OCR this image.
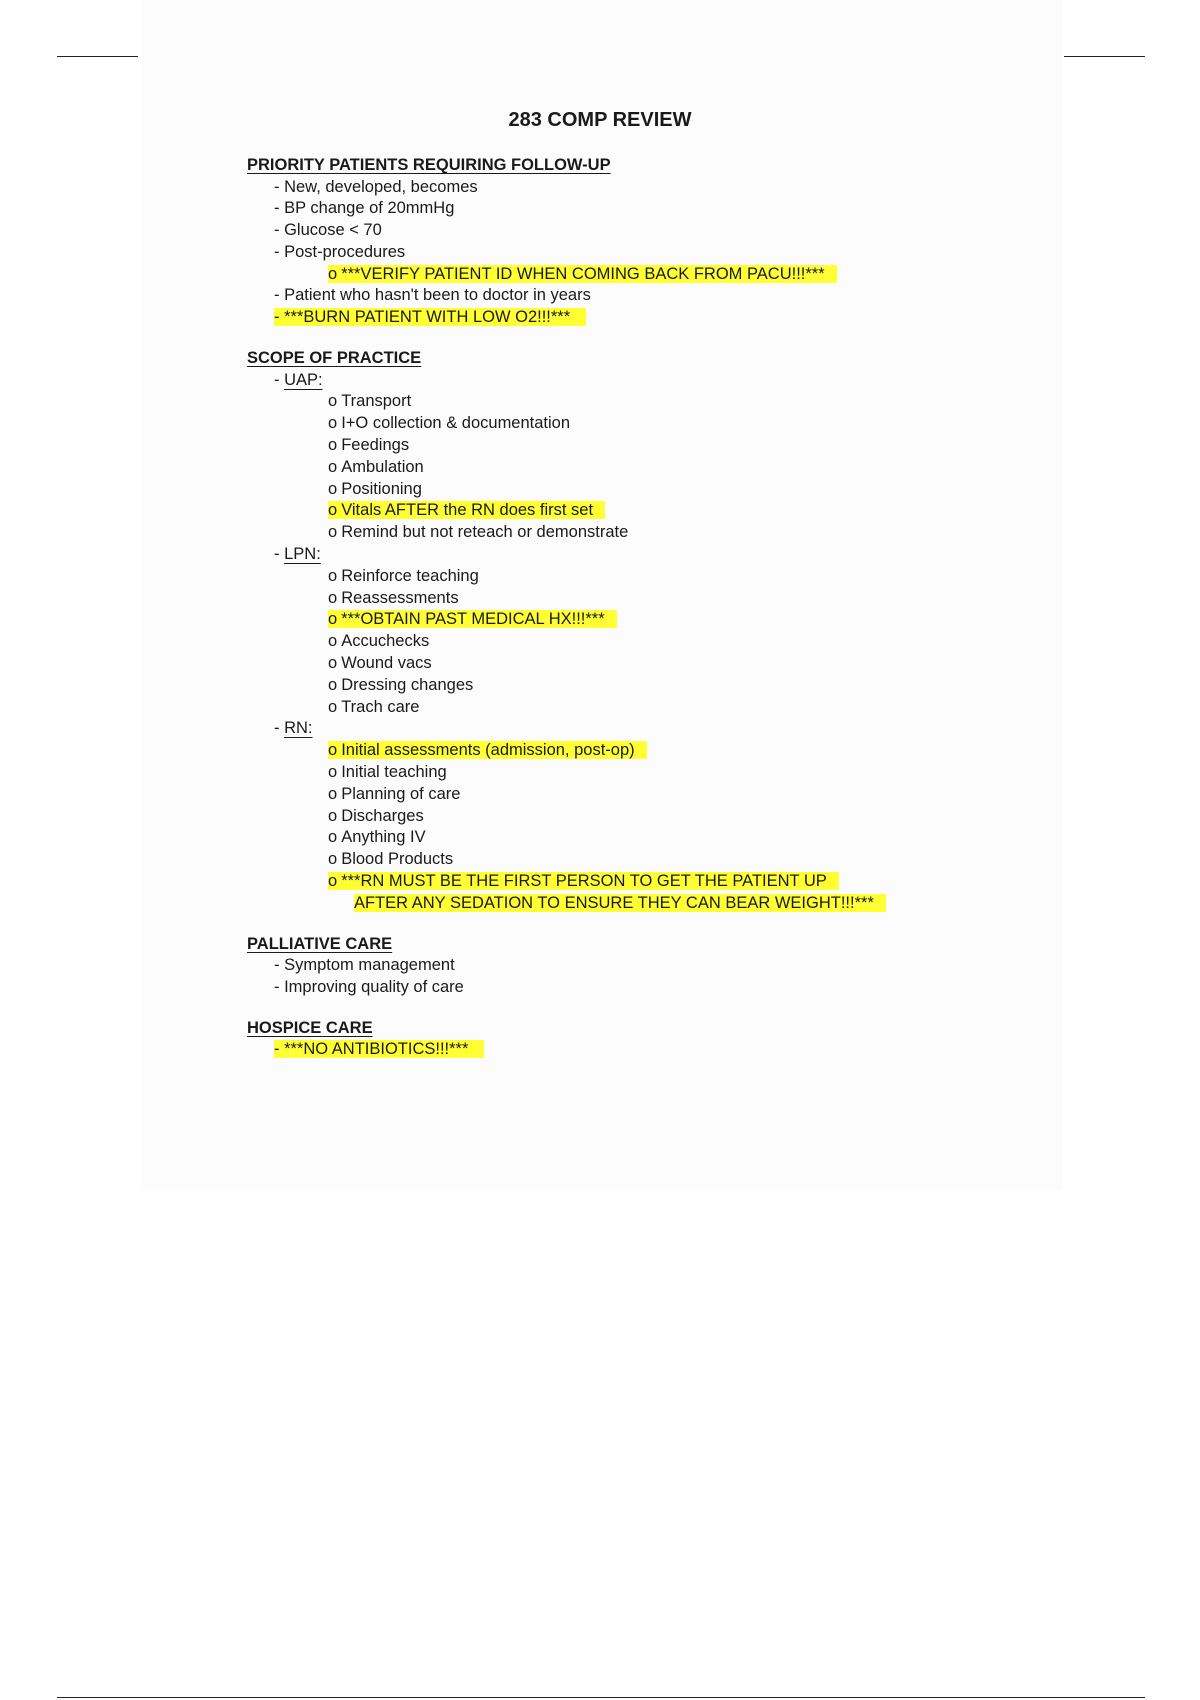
283 COMP REVIEW
PRIORITY PATIENTS REQUIRING FOLLOW-UP
- New, developed, becomes
- BP change of 20mmHg
- Glucose < 70
- Post-procedures
o ***VERIFY PATIENT ID WHEN COMING BACK FROM PACU!!!***
- Patient who hasn't been to doctor in years
- ***BURN PATIENT WITH LOW O2!!!***
SCOPE OF PRACTICE
- UAP:
o Transport
o I+O collection & documentation
o Feedings
o Ambulation
o Positioning
o Vitals AFTER the RN does first set
o Remind but not reteach or demonstrate
- LPN:
o Reinforce teaching
o Reassessments
o ***OBTAIN PAST MEDICAL HX!!!***
o Accuchecks
o Wound vacs
o Dressing changes
o Trach care
- RN:
o Initial assessments (admission, post-op)
o Initial teaching
o Planning of care
o Discharges
o Anything IV
o Blood Products
o ***RN MUST BE THE FIRST PERSON TO GET THE PATIENT UP
AFTER ANY SEDATION TO ENSURE THEY CAN BEAR WEIGHT!!!***
PALLIATIVE CARE
- Symptom management
- Improving quality of care
HOSPICE CARE
- ***NO ANTIBIOTICS!!!***
